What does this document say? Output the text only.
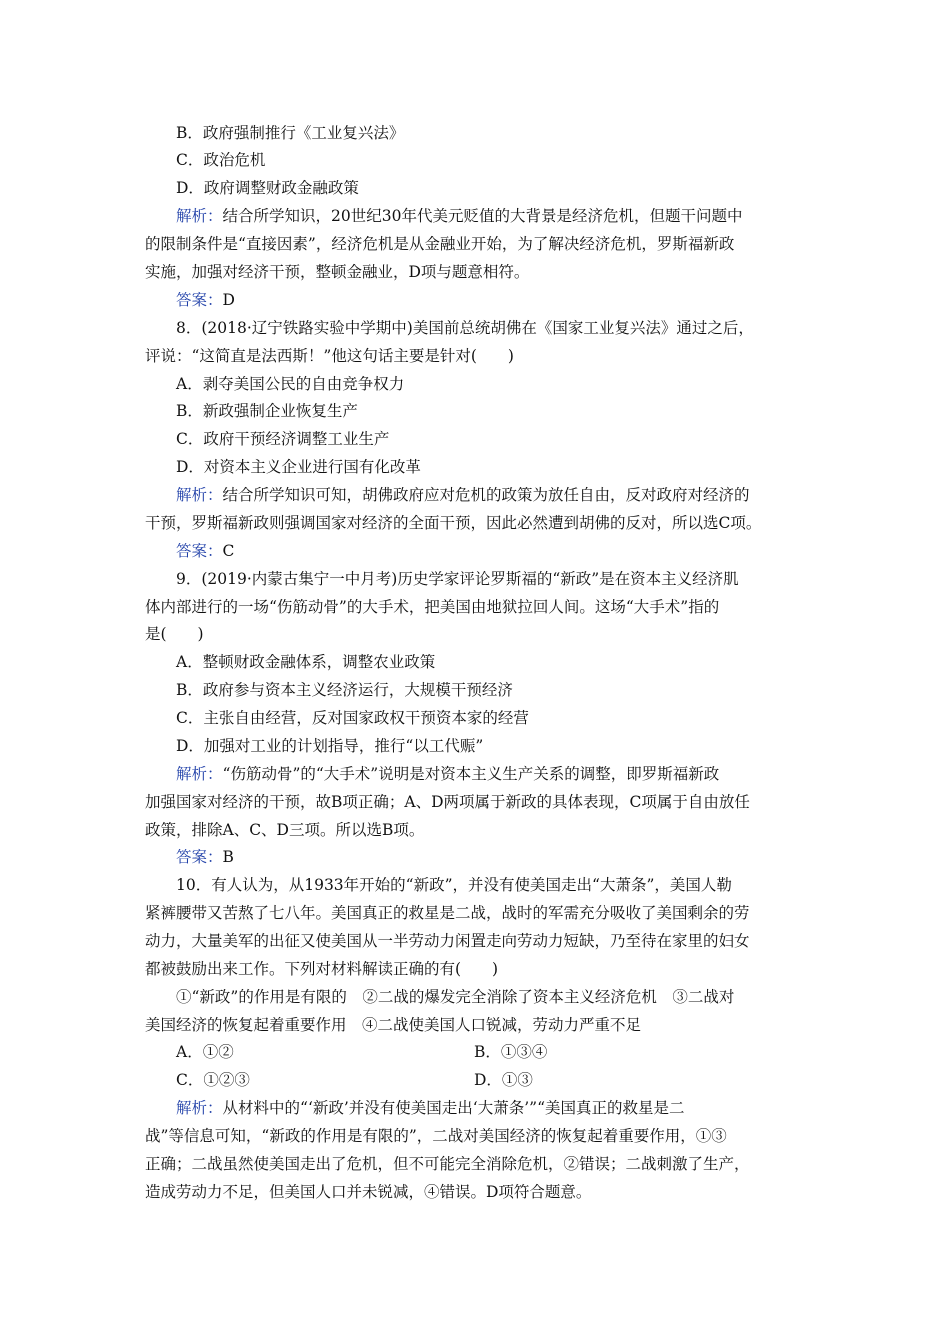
B．政府强制推行《工业复兴法》
C．政治危机
D．政府调整财政金融政策
解析：结合所学知识，20世纪30年代美元贬值的大背景是经济危机，但题干问题中
的限制条件是“直接因素”，经济危机是从金融业开始，为了解决经济危机，罗斯福新政
实施，加强对经济干预，整顿金融业，D项与题意相符。
答案：D
8．(2018·辽宁铁路实验中学期中)美国前总统胡佛在《国家工业复兴法》通过之后，
评说：“这简直是法西斯！”他这句话主要是针对(　　)
A．剥夺美国公民的自由竞争权力
B．新政强制企业恢复生产
C．政府干预经济调整工业生产
D．对资本主义企业进行国有化改革
解析：结合所学知识可知，胡佛政府应对危机的政策为放任自由，反对政府对经济的
干预，罗斯福新政则强调国家对经济的全面干预，因此必然遭到胡佛的反对，所以选C项。
答案：C
9．(2019·内蒙古集宁一中月考)历史学家评论罗斯福的“新政”是在资本主义经济肌
体内部进行的一场“伤筋动骨”的大手术，把美国由地狱拉回人间。这场“大手术”指的
是(　　)
A．整顿财政金融体系，调整农业政策
B．政府参与资本主义经济运行，大规模干预经济
C．主张自由经营，反对国家政权干预资本家的经营
D．加强对工业的计划指导，推行“以工代赈”
解析：“伤筋动骨”的“大手术”说明是对资本主义生产关系的调整，即罗斯福新政
加强国家对经济的干预，故B项正确；A、D两项属于新政的具体表现，C项属于自由放任
政策，排除A、C、D三项。所以选B项。
答案：B
10．有人认为，从1933年开始的“新政”，并没有使美国走出“大萧条”，美国人勒
紧裤腰带又苦熬了七八年。美国真正的救星是二战，战时的军需充分吸收了美国剩余的劳
动力，大量美军的出征又使美国从一半劳动力闲置走向劳动力短缺，乃至待在家里的妇女
都被鼓励出来工作。下列对材料解读正确的有(　　)
①“新政”的作用是有限的　②二战的爆发完全消除了资本主义经济危机　③二战对
美国经济的恢复起着重要作用　④二战使美国人口锐减，劳动力严重不足
A．①②	B．①③④
C．①②③	D．①③
解析：从材料中的“‘新政’并没有使美国走出‘大萧条’”“美国真正的救星是二
战”等信息可知，“新政的作用是有限的”，二战对美国经济的恢复起着重要作用，①③
正确；二战虽然使美国走出了危机，但不可能完全消除危机，②错误；二战刺激了生产，
造成劳动力不足，但美国人口并未锐减，④错误。D项符合题意。
